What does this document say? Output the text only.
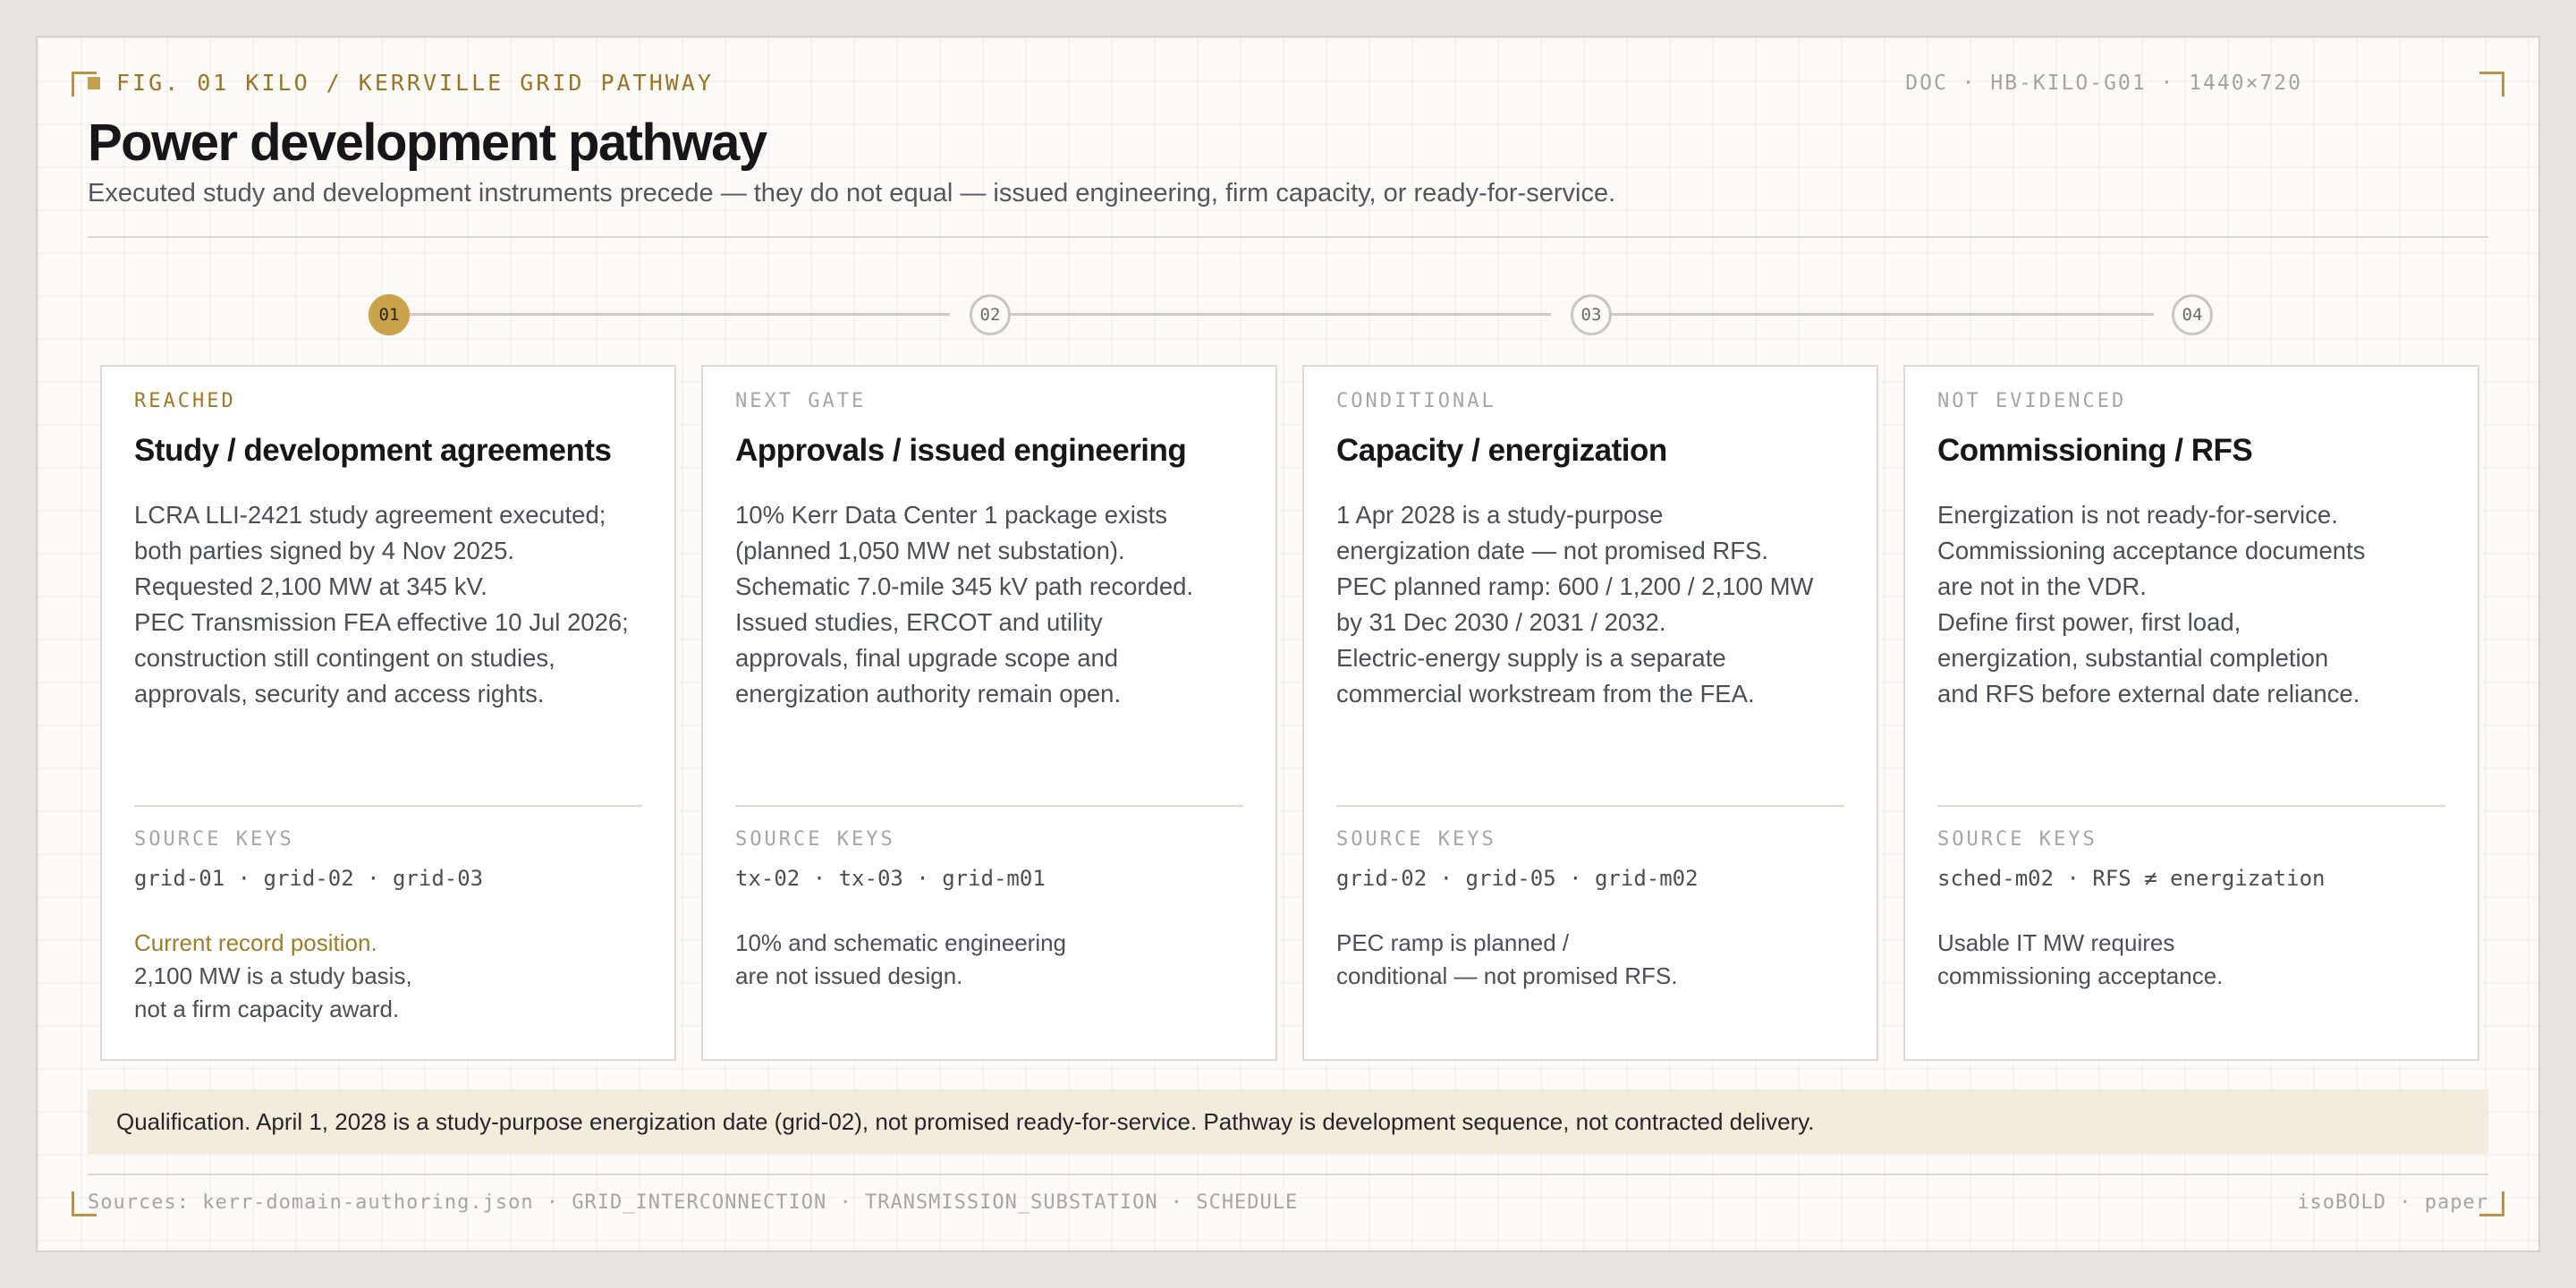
FIG. 01 KILO / KERRVILLE GRID PATHWAY	DOC · HB-KILO-G01 · 1440×720
Power development pathway

Executed study and development instruments precede — they do not equal — issued engineering, firm capacity, or ready-for-service.

01	02	03	04
REACHED
Study / development agreements
LCRA LLI-2421 study agreement executed;
both parties signed by 4 Nov 2025.
Requested 2,100 MW at 345 kV.
PEC Transmission FEA effective 10 Jul 2026;
construction still contingent on studies,
approvals, security and access rights.
SOURCE KEYS
grid-01 · grid-02 · grid-03
Current record position.
2,100 MW is a study basis,
not a firm capacity award.
NEXT GATE
Approvals / issued engineering
10% Kerr Data Center 1 package exists
(planned 1,050 MW net substation).
Schematic 7.0-mile 345 kV path recorded.
Issued studies, ERCOT and utility
approvals, final upgrade scope and
energization authority remain open.
SOURCE KEYS
tx-02 · tx-03 · grid-m01
10% and schematic engineering
are not issued design.
CONDITIONAL
Capacity / energization
1 Apr 2028 is a study-purpose
energization date — not promised RFS.
PEC planned ramp: 600 / 1,200 / 2,100 MW
by 31 Dec 2030 / 2031 / 2032.
Electric-energy supply is a separate
commercial workstream from the FEA.
SOURCE KEYS
grid-02 · grid-05 · grid-m02
PEC ramp is planned /
conditional — not promised RFS.
NOT EVIDENCED
Commissioning / RFS
Energization is not ready-for-service.
Commissioning acceptance documents
are not in the VDR.
Define first power, first load,
energization, substantial completion
and RFS before external date reliance.
SOURCE KEYS
sched-m02 · RFS ≠ energization
Usable IT MW requires
commissioning acceptance.
Qualification. April 1, 2028 is a study-purpose energization date (grid-02), not promised ready-for-service. Pathway is development sequence, not contracted delivery.
Sources: kerr-domain-authoring.json · GRID_INTERCONNECTION · TRANSMISSION_SUBSTATION · SCHEDULE	isoBOLD · paper
